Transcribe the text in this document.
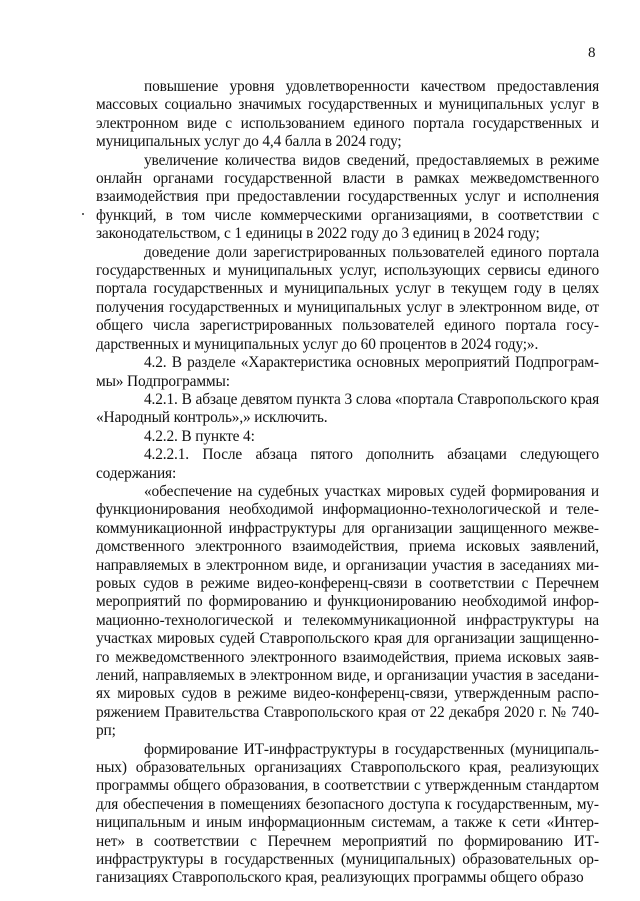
8

повышение уровня удовлетворенности качеством предоставления массовых социально значимых государственных и муниципальных услуг в электронном виде с использованием единого портала государственных и муниципальных услуг до 4,4 балла в 2024 году;

увеличение количества видов сведений, предоставляемых в режиме онлайн органами государственной власти в рамках межведомственного взаимодействия при предоставлении государственных услуг и исполнения функций, в том числе коммерческими организациями, в соответствии с законодательством, с 1 единицы в 2022 году до 3 единиц в 2024 году;

доведение доли зарегистрированных пользователей единого портала государственных и муниципальных услуг, использующих сервисы единого портала государственных и муниципальных услуг в текущем году в целях получения государственных и муниципальных услуг в электронном виде, от общего числа зарегистрированных пользователей единого портала государственных и муниципальных услуг до 60 процентов в 2024 году;».

4.2. В разделе «Характеристика основных мероприятий Подпрограммы» Подпрограммы:

4.2.1. В абзаце девятом пункта 3 слова «портала Ставропольского края «Народный контроль»,» исключить.

4.2.2. В пункте 4:

4.2.2.1. После абзаца пятого дополнить абзацами следующего содержания:

«обеспечение на судебных участках мировых судей формирования и функционирования необходимой информационно-технологической и телекоммуникационной инфраструктуры для организации защищенного межведомственного электронного взаимодействия, приема исковых заявлений, направляемых в электронном виде, и организации участия в заседаниях мировых судов в режиме видео-конференц-связи в соответствии с Перечнем мероприятий по формированию и функционированию необходимой информационно-технологической и телекоммуникационной инфраструктуры на участках мировых судей Ставропольского края для организации защищенного межведомственного электронного взаимодействия, приема исковых заявлений, направляемых в электронном виде, и организации участия в заседаниях мировых судов в режиме видео-конференц-связи, утвержденным распоряжением Правительства Ставропольского края от 22 декабря 2020 г. № 740-рп;

формирование ИТ-инфраструктуры в государственных (муниципальных) образовательных организациях Ставропольского края, реализующих программы общего образования, в соответствии с утвержденным стандартом для обеспечения в помещениях безопасного доступа к государственным, муниципальным и иным информационным системам, а также к сети «Интернет» в соответствии с Перечнем мероприятий по формированию ИТ-инфраструктуры в государственных (муниципальных) образовательных организациях Ставропольского края, реализующих программы общего образо
